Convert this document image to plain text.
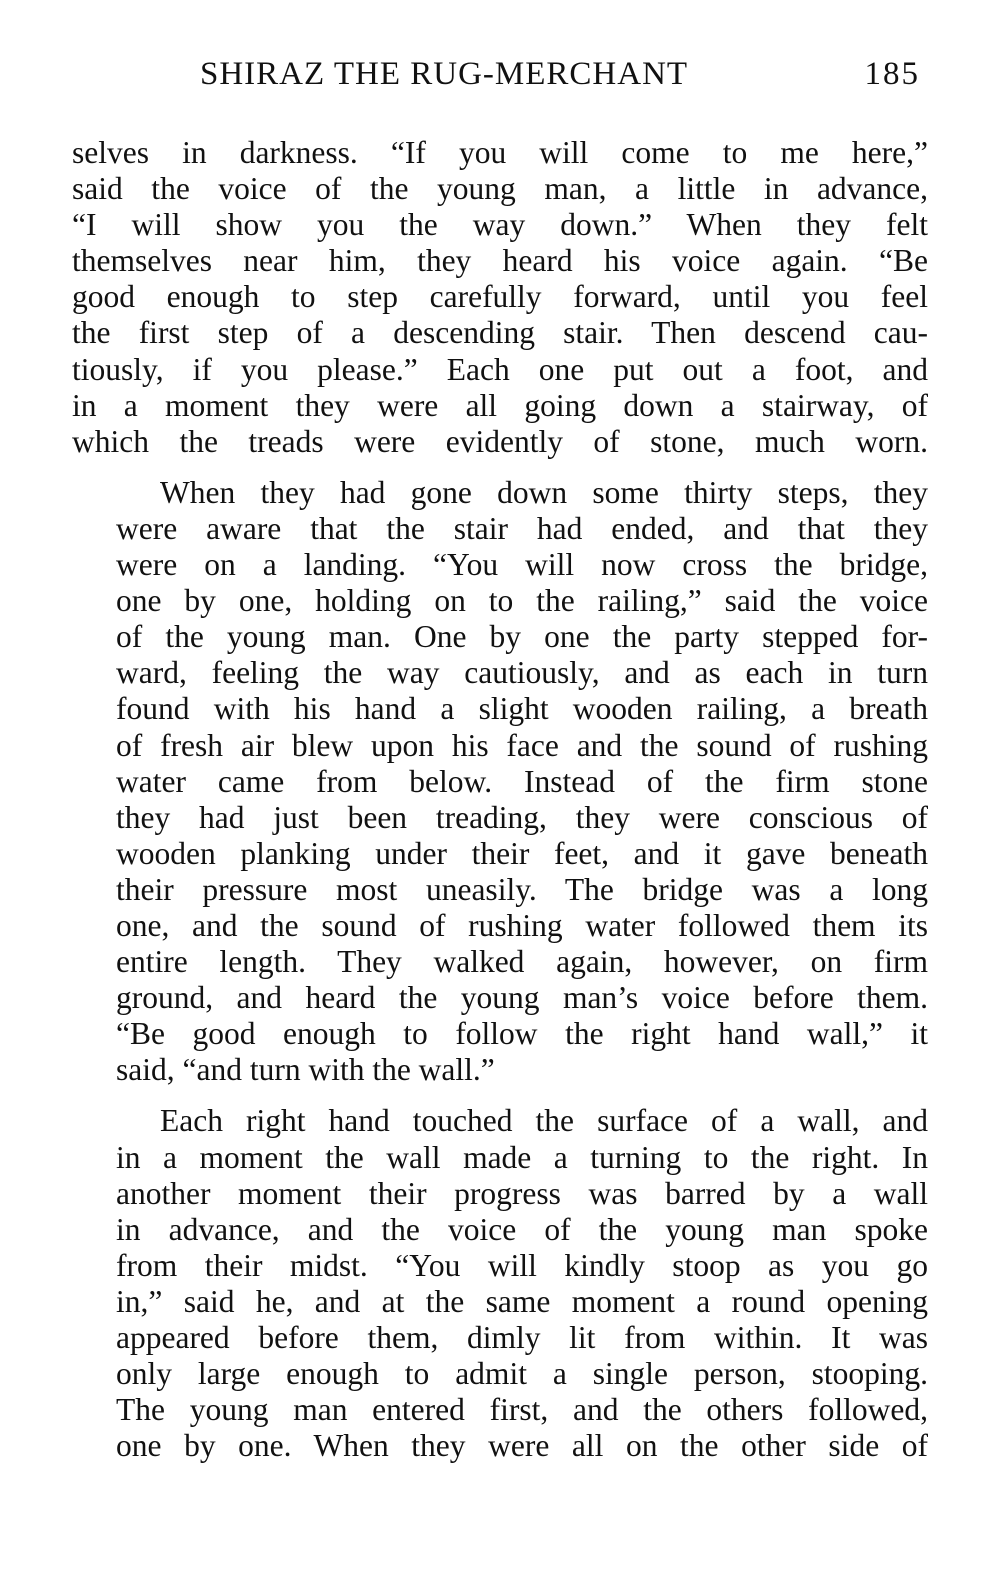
SHIRAZ THE RUG-MERCHANT	185

selves in darkness. “If you will come to me here,”
said the voice of the young man, a little in advance,
“I will show you the way down.” When they felt
themselves near him, they heard his voice again. “Be
good enough to step carefully forward, until you feel
the first step of a descending stair. Then descend cau-
tiously, if you please.” Each one put out a foot, and
in a moment they were all going down a stairway, of
which the treads were evidently of stone, much worn.

When they had gone down some thirty steps, they
were aware that the stair had ended, and that they
were on a landing. “You will now cross the bridge,
one by one, holding on to the railing,” said the voice
of the young man. One by one the party stepped for-
ward, feeling the way cautiously, and as each in turn
found with his hand a slight wooden railing, a breath
of fresh air blew upon his face and the sound of rushing
water came from below. Instead of the firm stone
they had just been treading, they were conscious of
wooden planking under their feet, and it gave beneath
their pressure most uneasily. The bridge was a long
one, and the sound of rushing water followed them its
entire length. They walked again, however, on firm
ground, and heard the young man’s voice before them.
“Be good enough to follow the right hand wall,” it
said, “and turn with the wall.”

Each right hand touched the surface of a wall, and
in a moment the wall made a turning to the right. In
another moment their progress was barred by a wall
in advance, and the voice of the young man spoke
from their midst. “You will kindly stoop as you go
in,” said he, and at the same moment a round opening
appeared before them, dimly lit from within. It was
only large enough to admit a single person, stooping.
The young man entered first, and the others followed,
one by one. When they were all on the other side of
